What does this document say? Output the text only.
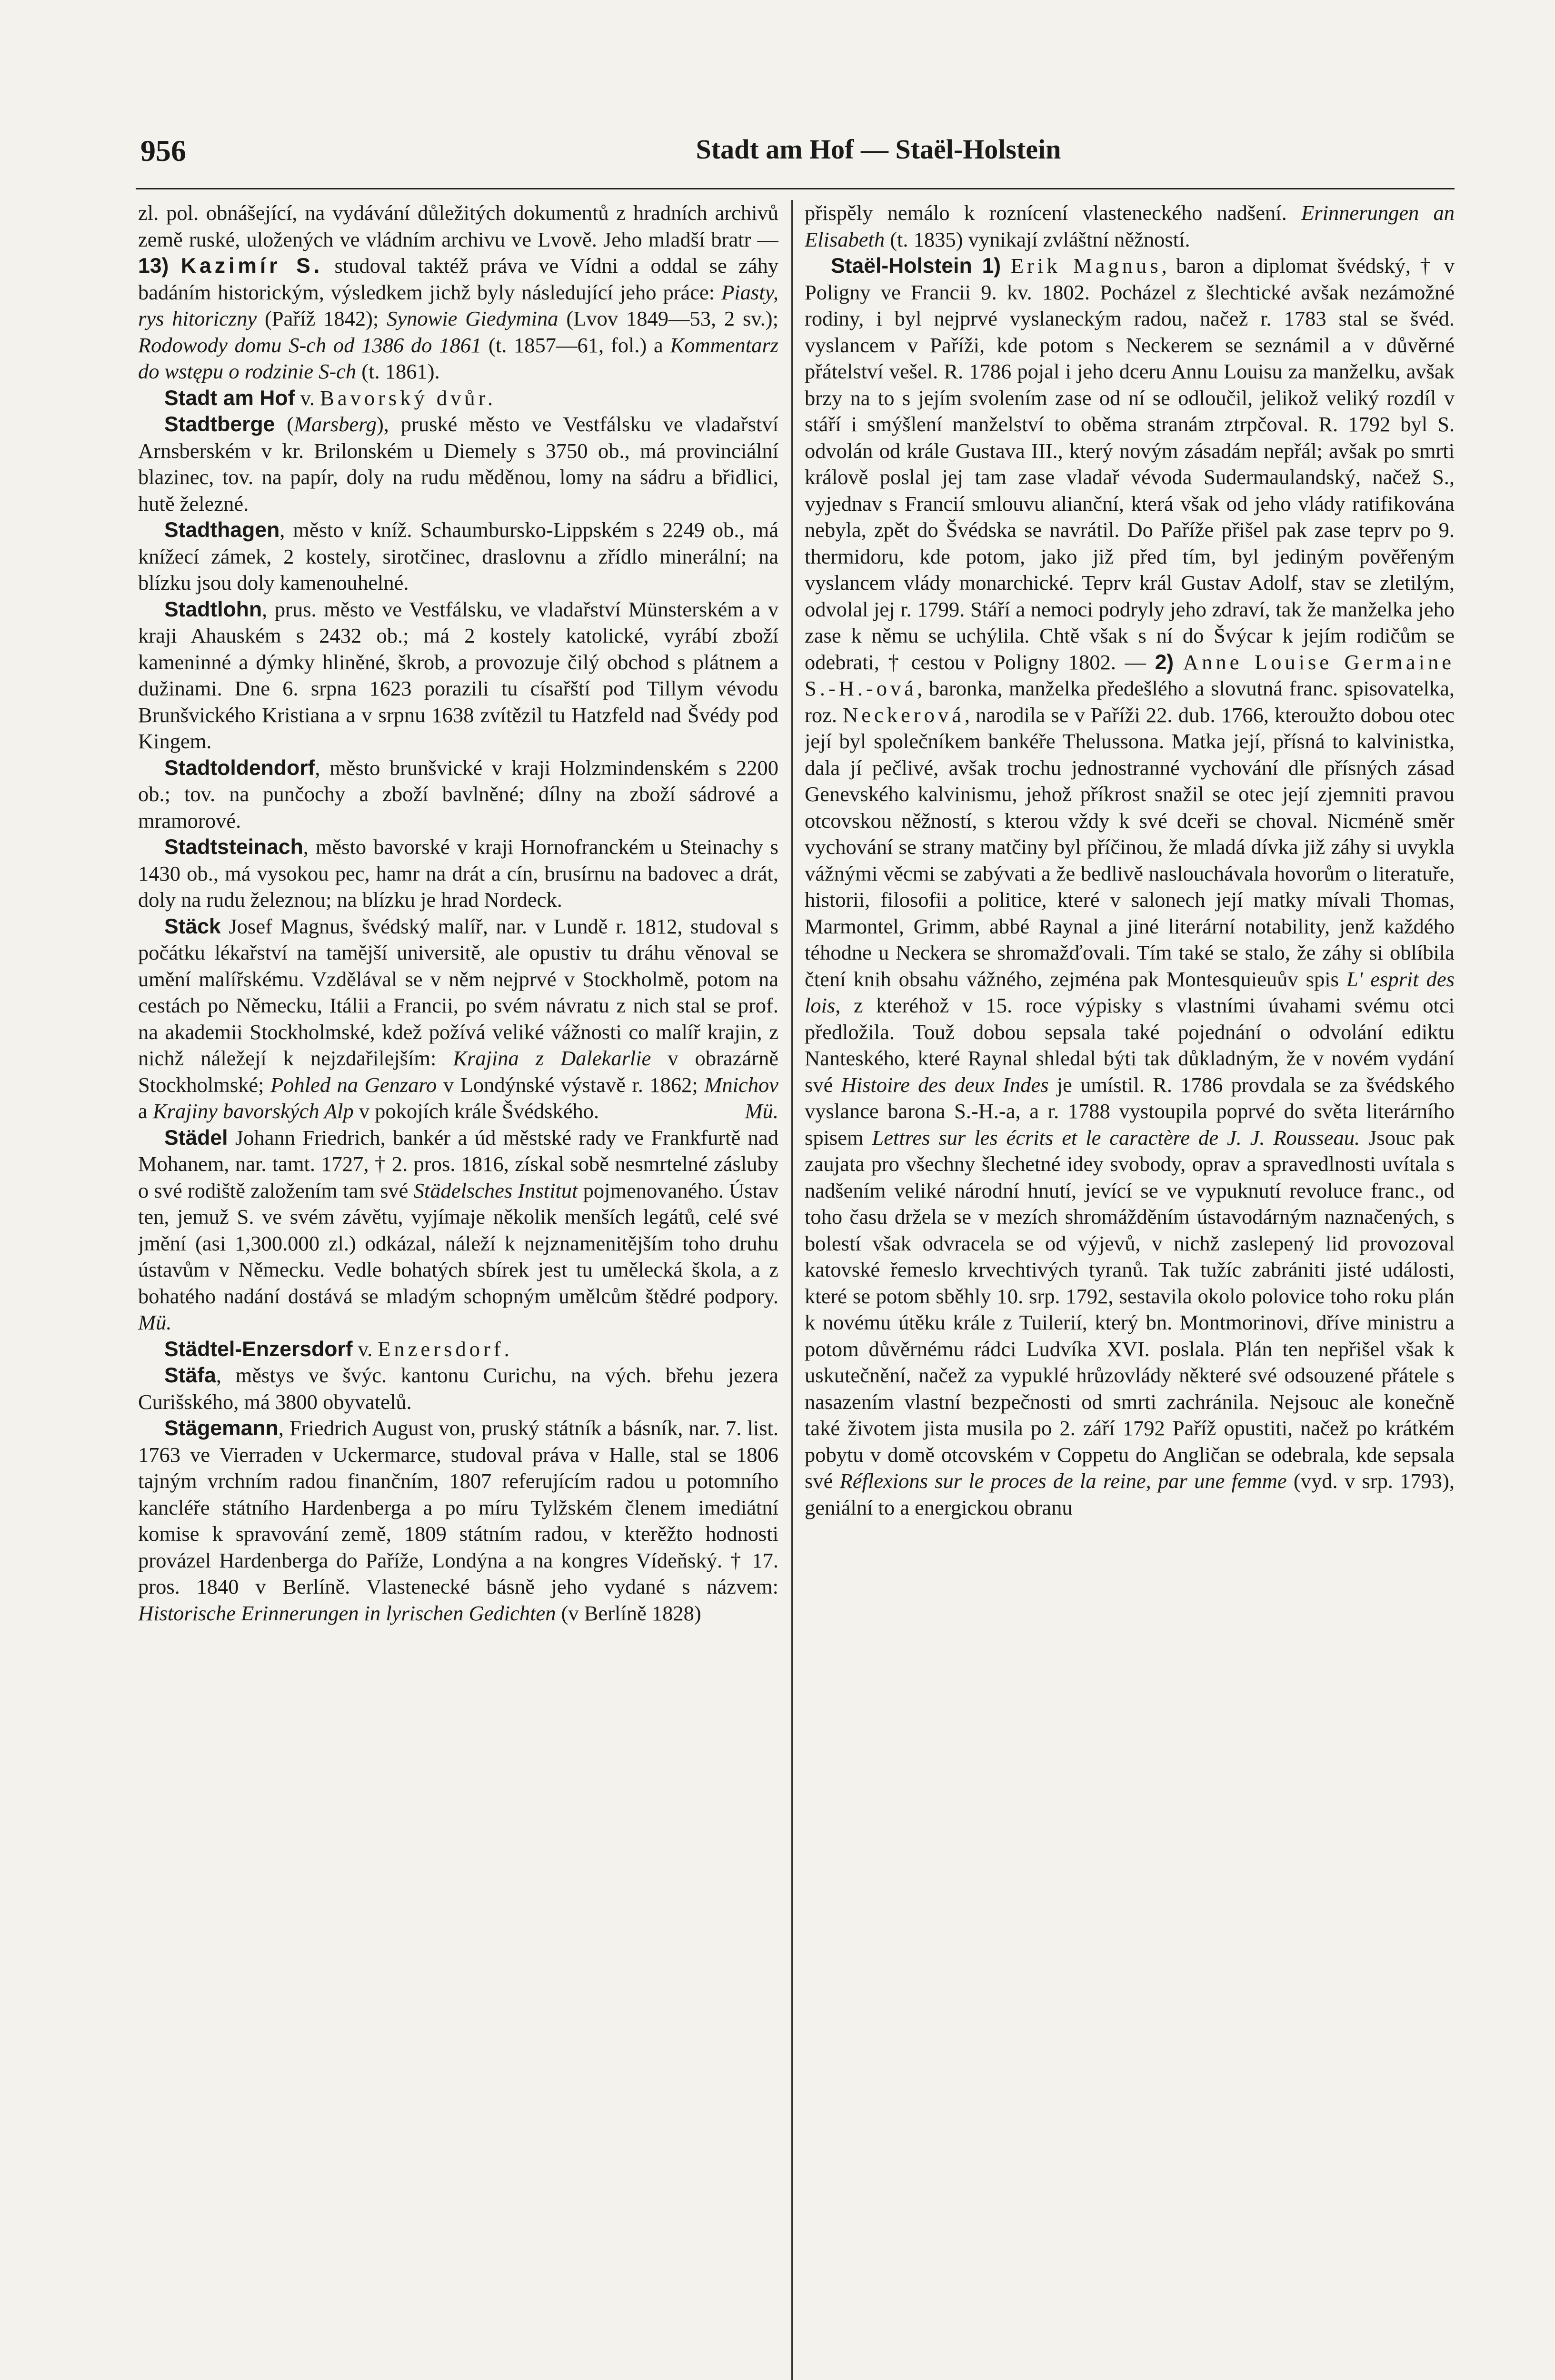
956	Stadt am Hof — Staël-Holstein

zl. pol. obnášející, na vydávání důležitých dokumentů z hradních archivů země ruské, uložených ve vládním archivu ve Lvově. Jeho mladší bratr — 13) Kazimír S. studoval taktéž práva ve Vídni a oddal se záhy badáním historickým, výsledkem jichž byly následující jeho práce: Piasty, rys hitoriczny (Paříž 1842); Synowie Giedymina (Lvov 1849—53, 2 sv.); Rodowody domu S-ch od 1386 do 1861 (t. 1857—61, fol.) a Kommentarz do wstępu o rodzinie S-ch (t. 1861).

Stadt am Hof v. Bavorský dvůr.

Stadtberge (Marsberg), pruské město ve Vestfálsku ve vladařství Arnsberském v kr. Brilonském u Diemely s 3750 ob., má provinciální blazinec, tov. na papír, doly na rudu měděnou, lomy na sádru a břidlici, hutě železné.

Stadthagen, město v kníž. Schaumbursko-Lippském s 2249 ob., má knížecí zámek, 2 kostely, sirotčinec, draslovnu a zřídlo minerální; na blízku jsou doly kamenouhelné.

Stadtlohn, prus. město ve Vestfálsku, ve vladařství Münsterském a v kraji Ahauském s 2432 ob.; má 2 kostely katolické, vyrábí zboží kameninné a dýmky hliněné, škrob, a provozuje čilý obchod s plátnem a dužinami. Dne 6. srpna 1623 porazili tu císařští pod Tillym vévodu Brunšvického Kristiana a v srpnu 1638 zvítězil tu Hatzfeld nad Švédy pod Kingem.

Stadtoldendorf, město brunšvické v kraji Holzmindenském s 2200 ob.; tov. na punčochy a zboží bavlněné; dílny na zboží sádrové a mramorové.

Stadtsteinach, město bavorské v kraji Hornofranckém u Steinachy s 1430 ob., má vysokou pec, hamr na drát a cín, brusírnu na badovec a drát, doly na rudu železnou; na blízku je hrad Nordeck.

Stäck Josef Magnus, švédský malíř, nar. v Lundě r. 1812, studoval s počátku lékařství na tamější universitě, ale opustiv tu dráhu věnoval se umění malířskému. Vzdělával se v něm nejprvé v Stockholmě, potom na cestách po Německu, Itálii a Francii, po svém návratu z nich stal se prof. na akademii Stockholmské, kdež požívá veliké vážnosti co malíř krajin, z nichž náležejí k nejzdařilejším: Krajina z Dalekarlie v obrazárně Stockholmské; Pohled na Genzaro v Londýnské výstavě r. 1862; Mnichov a Krajiny bavorských Alp v pokojích krále Švédského.	Mü.

Städel Johann Friedrich, bankér a úd městské rady ve Frankfurtě nad Mohanem, nar. tamt. 1727, † 2. pros. 1816, získal sobě nesmrtelné zásluby o své rodiště založením tam své Städelsches Institut pojmenovaného. Ústav ten, jemuž S. ve svém závětu, vyjímaje několik menších legátů, celé své jmění (asi 1,300.000 zl.) odkázal, náleží k nejznamenitějším toho druhu ústavům v Německu. Vedle bohatých sbírek jest tu umělecká škola, a z bohatého nadání dostává se mladým schopným umělcům štědré podpory. Mü.

Städtel-Enzersdorf v. Enzersdorf.

Stäfa, městys ve švýc. kantonu Curichu, na vých. břehu jezera Curišského, má 3800 obyvatelů.

Stägemann, Friedrich August von, pruský státník a básník, nar. 7. list. 1763 ve Vierraden v Uckermarce, studoval práva v Halle, stal se 1806 tajným vrchním radou finančním, 1807 referujícím radou u potomního kancléře státního Hardenberga a po míru Tylžském členem imediátní komise k spravování země, 1809 státním radou, v kterěžto hodnosti provázel Hardenberga do Paříže, Londýna a na kongres Vídeňský. † 17. pros. 1840 v Berlíně. Vlastenecké básně jeho vydané s názvem: Historische Erinnerungen in lyrischen Gedichten (v Berlíně 1828)

přispěly nemálo k roznícení vlasteneckého nadšení. Erinnerungen an Elisabeth (t. 1835) vynikají zvláštní něžností.

Staël-Holstein 1) Erik Magnus, baron a diplomat švédský, † v Poligny ve Francii 9. kv. 1802. Pocházel z šlechtické avšak nezámožné rodiny, i byl nejprvé vyslaneckým radou, načež r. 1783 stal se švéd. vyslancem v Paříži, kde potom s Neckerem se seznámil a v důvěrné přátelství vešel. R. 1786 pojal i jeho dceru Annu Louisu za manželku, avšak brzy na to s jejím svolením zase od ní se odloučil, jelikož veliký rozdíl v stáří i smýšlení manželství to oběma stranám ztrpčoval. R. 1792 byl S. odvolán od krále Gustava III., který novým zásadám nepřál; avšak po smrti králově poslal jej tam zase vladař vévoda Sudermaulandský, načež S., vyjednav s Francií smlouvu alianční, která však od jeho vlády ratifikována nebyla, zpět do Švédska se navrátil. Do Paříže přišel pak zase teprv po 9. thermidoru, kde potom, jako již před tím, byl jediným pověřeným vyslancem vlády monarchické. Teprv král Gustav Adolf, stav se zletilým, odvolal jej r. 1799. Stáří a nemoci podryly jeho zdraví, tak že manželka jeho zase k němu se uchýlila. Chtě však s ní do Švýcar k jejím rodičům se odebrati, † cestou v Poligny 1802. — 2) Anne Louise Germaine S.-H.-ová, baronka, manželka předešlého a slovutná franc. spisovatelka, roz. Neckerová, narodila se v Paříži 22. dub. 1766, kteroužto dobou otec její byl společníkem bankéře Thelussona. Matka její, přísná to kalvinistka, dala jí pečlivé, avšak trochu jednostranné vychování dle přísných zásad Genevského kalvinismu, jehož příkrost snažil se otec její zjemniti pravou otcovskou něžností, s kterou vždy k své dceři se choval. Nicméně směr vychování se strany matčiny byl příčinou, že mladá dívka již záhy si uvykla vážnými věcmi se zabývati a že bedlivě naslouchávala hovorům o literatuře, historii, filosofii a politice, které v salonech její matky mívali Thomas, Marmontel, Grimm, abbé Raynal a jiné literární notability, jenž každého téhodne u Neckera se shromažďovali. Tím také se stalo, že záhy si oblíbila čtení knih obsahu vážného, zejména pak Montesquieuův spis L' esprit des lois, z kteréhož v 15. roce výpisky s vlastními úvahami svému otci předložila. Touž dobou sepsala také pojednání o odvolání ediktu Nanteského, které Raynal shledal býti tak důkladným, že v novém vydání své Histoire des deux Indes je umístil. R. 1786 provdala se za švédského vyslance barona S.-H.-a, a r. 1788 vystoupila poprvé do světa literárního spisem Lettres sur les écrits et le caractère de J. J. Rousseau. Jsouc pak zaujata pro všechny šlechetné idey svobody, oprav a spravedlnosti uvítala s nadšením veliké národní hnutí, jevící se ve vypuknutí revoluce franc., od toho času držela se v mezích shromážděním ústavodárným naznačených, s bolestí však odvracela se od výjevů, v nichž zaslepený lid provozoval katovské řemeslo krvechtivých tyranů. Tak tužíc zabrániti jisté události, které se potom sběhly 10. srp. 1792, sestavila okolo polovice toho roku plán k novému útěku krále z Tuilerií, který bn. Montmorinovi, dříve ministru a potom důvěrnému rádci Ludvíka XVI. poslala. Plán ten nepřišel však k uskutečnění, načež za vypuklé hrůzovlády některé své odsouzené přátele s nasazením vlastní bezpečnosti od smrti zachránila. Nejsouc ale konečně také životem jista musila po 2. září 1792 Paříž opustiti, načež po krátkém pobytu v domě otcovském v Coppetu do Angličan se odebrala, kde sepsala své Réflexions sur le proces de la reine, par une femme (vyd. v srp. 1793), geniální to a energickou obranu
